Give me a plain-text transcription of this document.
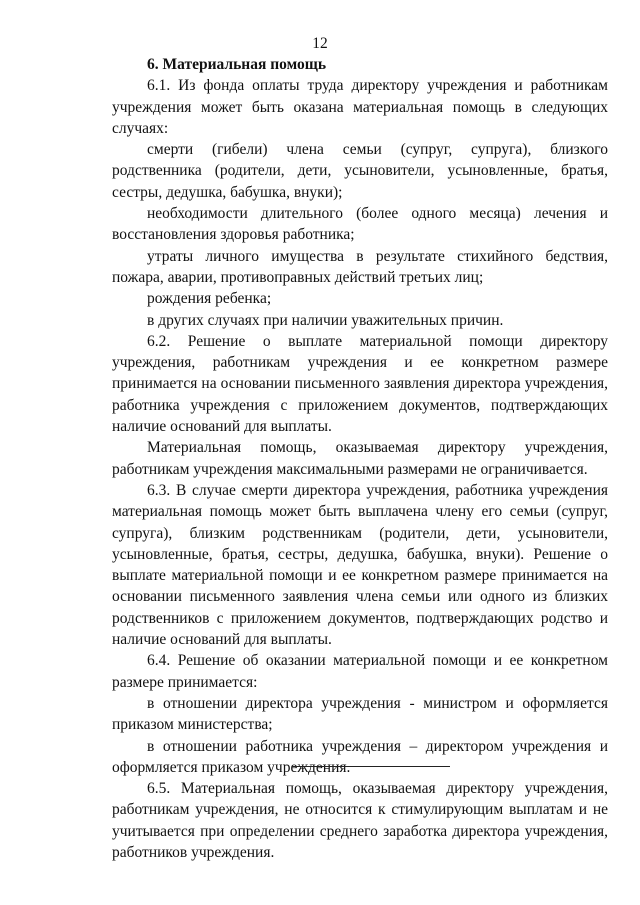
12

6. Материальная помощь

6.1. Из фонда оплаты труда директору учреждения и работникам учреждения может быть оказана материальная помощь в следующих случаях:

смерти (гибели) члена семьи (супруг, супруга), близкого родственника (родители, дети, усыновители, усыновленные, братья, сестры, дедушка, бабушка, внуки);

необходимости длительного (более одного месяца) лечения и восстановления здоровья работника;

утраты личного имущества в результате стихийного бедствия, пожара, аварии, противоправных действий третьих лиц;

рождения ребенка;

в других случаях при наличии уважительных причин.

6.2. Решение о выплате материальной помощи директору учреждения, работникам учреждения и ее конкретном размере принимается на основании письменного заявления директора учреждения, работника учреждения с приложением документов, подтверждающих наличие оснований для выплаты.

Материальная помощь, оказываемая директору учреждения, работникам учреждения максимальными размерами не ограничивается.

6.3. В случае смерти директора учреждения, работника учреждения материальная помощь может быть выплачена члену его семьи (супруг, супруга), близким родственникам (родители, дети, усыновители, усыновленные, братья, сестры, дедушка, бабушка, внуки). Решение о выплате материальной помощи и ее конкретном размере принимается на основании письменного заявления члена семьи или одного из близких родственников с приложением документов, подтверждающих родство и наличие оснований для выплаты.

6.4. Решение об оказании материальной помощи и ее конкретном размере принимается:

в отношении директора учреждения - министром и оформляется приказом министерства;

в отношении работника учреждения – директором учреждения и оформляется приказом учреждения.

6.5. Материальная помощь, оказываемая директору учреждения, работникам учреждения, не относится к стимулирующим выплатам и не учитывается при определении среднего заработка директора учреждения, работников учреждения.
